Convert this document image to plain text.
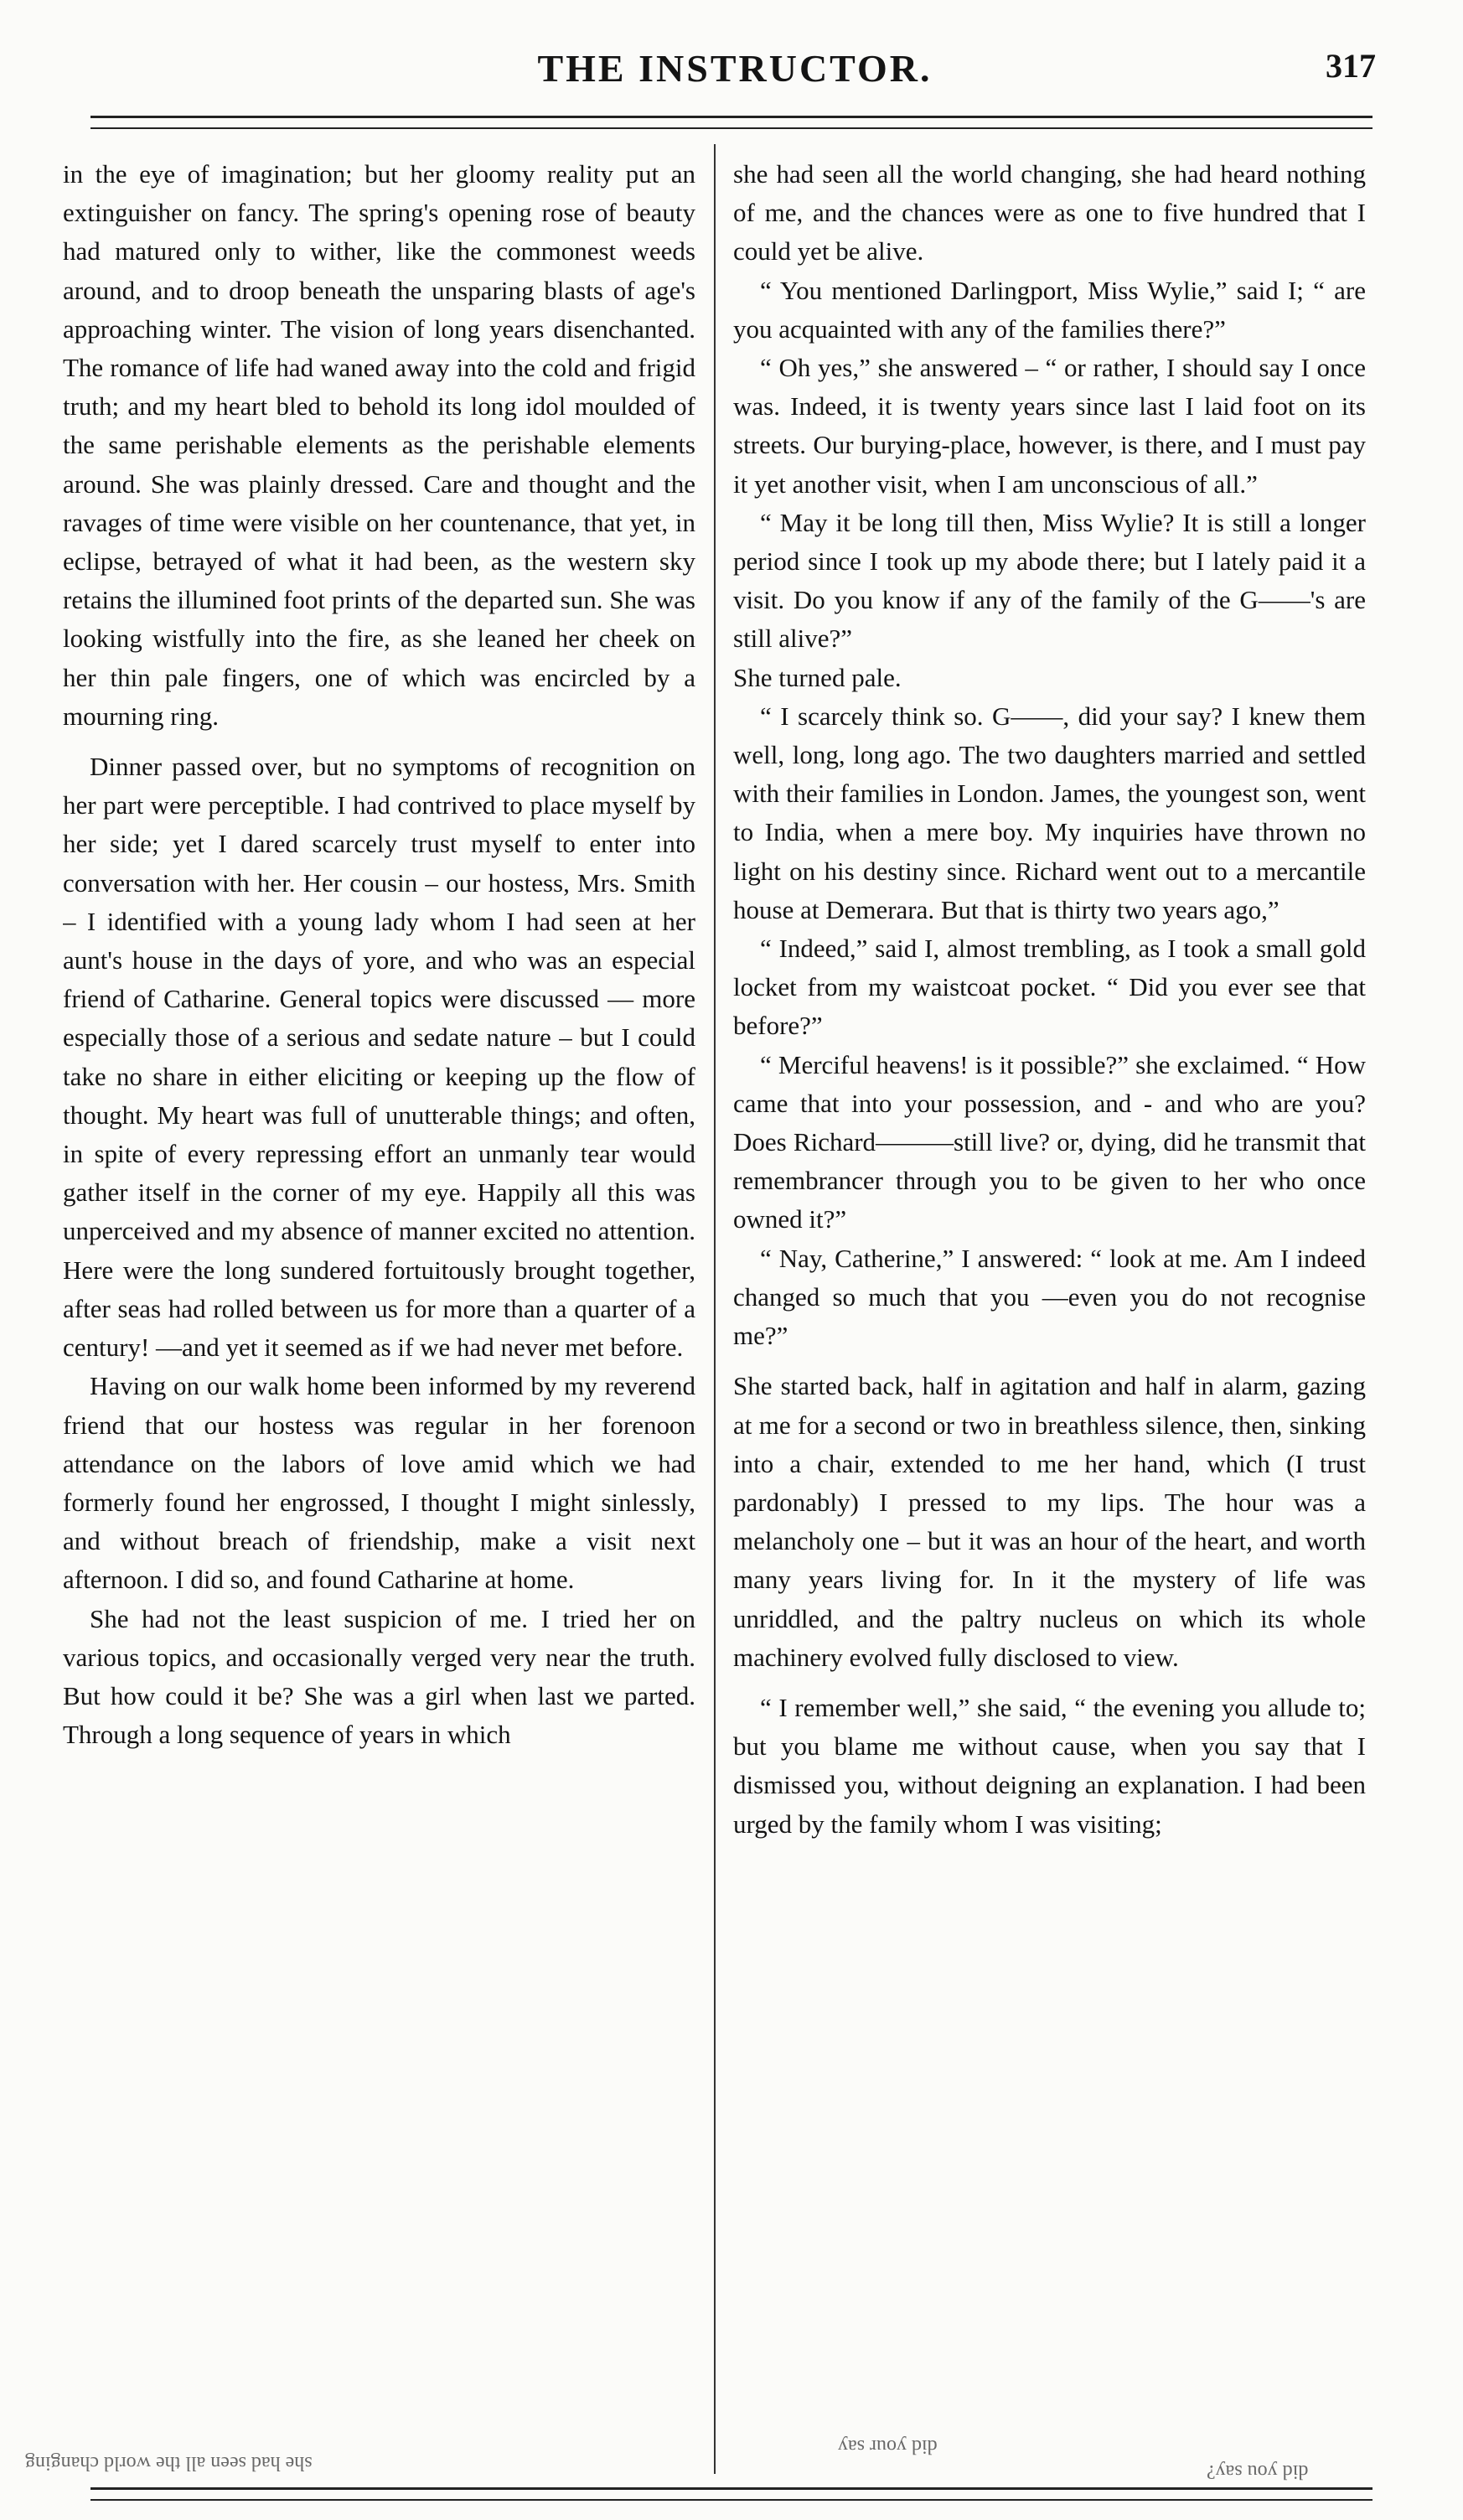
THE INSTRUCTOR.	317

in the eye of imagination; but her gloomy reality put an extinguisher on fancy. The spring's opening rose of beauty had matured only to wither, like the commonest weeds around, and to droop beneath the unsparing blasts of age's approaching winter. The vision of long years disenchanted. The romance of life had waned away into the cold and frigid truth; and my heart bled to behold its long idol moulded of the same perishable elements as the perishable elements around. She was plainly dressed. Care and thought and the ravages of time were visible on her countenance, that yet, in eclipse, betrayed of what it had been, as the western sky retains the illumined foot prints of the departed sun. She was looking wistfully into the fire, as she leaned her cheek on her thin pale fingers, one of which was encircled by a mourning ring.

Dinner passed over, but no symptoms of recognition on her part were perceptible. I had contrived to place myself by her side; yet I dared scarcely trust myself to enter into conversation with her. Her cousin – our hostess, Mrs. Smith – I identified with a young lady whom I had seen at her aunt's house in the days of yore, and who was an especial friend of Catharine. General topics were discussed — more especially those of a serious and sedate nature – but I could take no share in either eliciting or keeping up the flow of thought. My heart was full of unutterable things; and often, in spite of every repressing effort an unmanly tear would gather itself in the corner of my eye. Happily all this was unperceived and my absence of manner excited no attention. Here were the long sundered fortuitously brought together, after seas had rolled between us for more than a quarter of a century! —and yet it seemed as if we had never met before.

Having on our walk home been informed by my reverend friend that our hostess was regular in her forenoon attendance on the labors of love amid which we had formerly found her engrossed, I thought I might sinlessly, and without breach of friendship, make a visit next afternoon. I did so, and found Catharine at home.

She had not the least suspicion of me. I tried her on various topics, and occasionally verged very near the truth. But how could it be? She was a girl when last we parted. Through a long sequence of years in which

she had seen all the world changing, she had heard nothing of me, and the chances were as one to five hundred that I could yet be alive.

“ You mentioned Darlingport, Miss Wylie,” said I; “ are you acquainted with any of the families there?”

“ Oh yes,” she answered – “ or rather, I should say I once was. Indeed, it is twenty years since last I laid foot on its streets. Our burying-place, however, is there, and I must pay it yet another visit, when I am unconscious of all.”

“ May it be long till then, Miss Wylie? It is still a longer period since I took up my abode there; but I lately paid it a visit. Do you know if any of the family of the G——'s are still alive?”

She turned pale.

“ I scarcely think so. G——, did your say? I knew them well, long, long ago. The two daughters married and settled with their families in London. James, the youngest son, went to India, when a mere boy. My inquiries have thrown no light on his destiny since. Richard went out to a mercantile house at Demerara. But that is thirty two years ago,”

“ Indeed,” said I, almost trembling, as I took a small gold locket from my waistcoat pocket. “ Did you ever see that before?”

“ Merciful heavens! is it possible?” she exclaimed. “ How came that into your possession, and - and who are you? Does Richard———still live? or, dying, did he transmit that remembrancer through you to be given to her who once owned it?”

“ Nay, Catherine,” I answered: “ look at me. Am I indeed changed so much that you —even you do not recognise me?”

She started back, half in agitation and half in alarm, gazing at me for a second or two in breathless silence, then, sinking into a chair, extended to me her hand, which (I trust pardonably) I pressed to my lips. The hour was a melancholy one – but it was an hour of the heart, and worth many years living for. In it the mystery of life was unriddled, and the paltry nucleus on which its whole machinery evolved fully disclosed to view.

“ I remember well,” she said, “ the evening you allude to; but you blame me without cause, when you say that I dismissed you, without deigning an explanation. I had been urged by the family whom I was visiting;

she had seen all the world changing
did your say
did you say?
